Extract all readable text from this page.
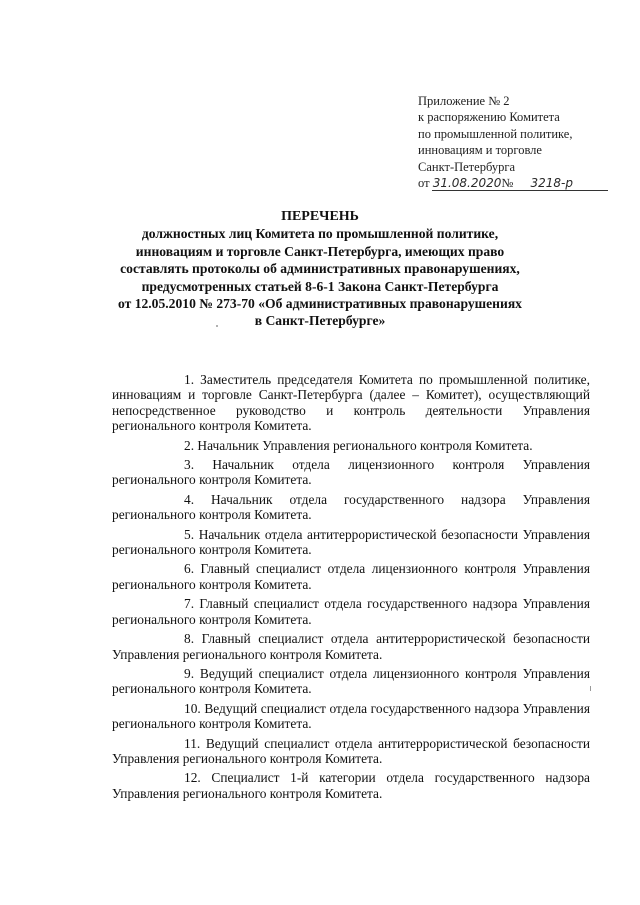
Приложение № 2
к распоряжению Комитета
по промышленной политике,
инновациям и торговле
Санкт-Петербурга
от 31.08.2020№ 3218-р
ПЕРЕЧЕНЬ
должностных лиц Комитета по промышленной политике,
инновациям и торговле Санкт-Петербурга, имеющих право
составлять протоколы об административных правонарушениях,
предусмотренных статьей 8-6-1 Закона Санкт-Петербурга
от 12.05.2010 № 273-70 «Об административных правонарушениях
в Санкт-Петербурге»
1. Заместитель председателя Комитета по промышленной политике, инновациям и торговле Санкт-Петербурга (далее – Комитет), осуществляющий непосредственное руководство и контроль деятельности Управления регионального контроля Комитета.
2. Начальник Управления регионального контроля Комитета.
3. Начальник отдела лицензионного контроля Управления регионального контроля Комитета.
4. Начальник отдела государственного надзора Управления регионального контроля Комитета.
5. Начальник отдела антитеррористической безопасности Управления регионального контроля Комитета.
6. Главный специалист отдела лицензионного контроля Управления регионального контроля Комитета.
7. Главный специалист отдела государственного надзора Управления регионального контроля Комитета.
8. Главный специалист отдела антитеррористической безопасности Управления регионального контроля Комитета.
9. Ведущий специалист отдела лицензионного контроля Управления регионального контроля Комитета.
10. Ведущий специалист отдела государственного надзора Управления регионального контроля Комитета.
11. Ведущий специалист отдела антитеррористической безопасности Управления регионального контроля Комитета.
12. Специалист 1-й категории отдела государственного надзора Управления регионального контроля Комитета.
